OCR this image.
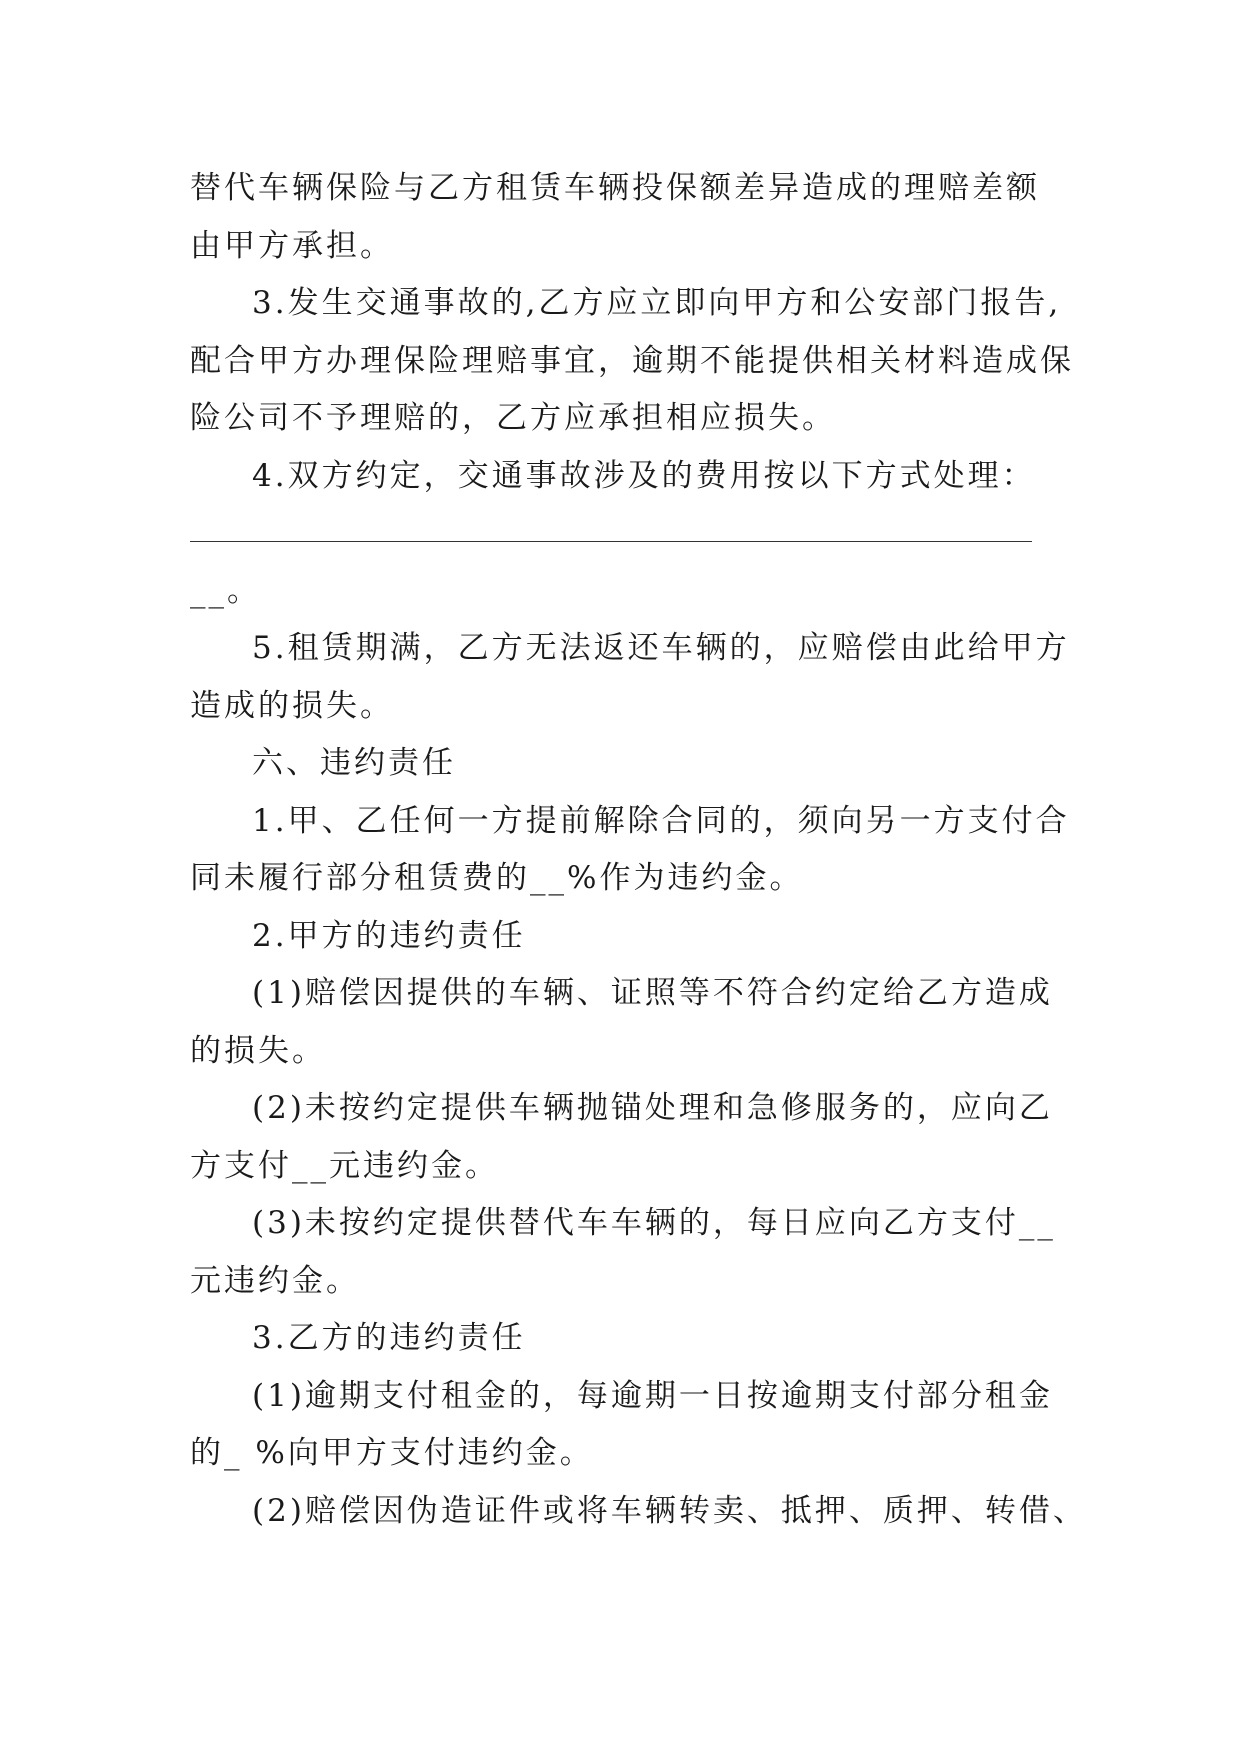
替代车辆保险与乙方租赁车辆投保额差异造成的理赔差额
由甲方承担。
3.发生交通事故的,乙方应立即向甲方和公安部门报告,
配合甲方办理保险理赔事宜，逾期不能提供相关材料造成保
险公司不予理赔的，乙方应承担相应损失。
4.双方约定，交通事故涉及的费用按以下方式处理：
__。
5.租赁期满，乙方无法返还车辆的，应赔偿由此给甲方
造成的损失。
六、违约责任
1.甲、乙任何一方提前解除合同的，须向另一方支付合
同未履行部分租赁费的__%作为违约金。
2.甲方的违约责任
(1)赔偿因提供的车辆、证照等不符合约定给乙方造成
的损失。
(2)未按约定提供车辆抛锚处理和急修服务的，应向乙
方支付__元违约金。
(3)未按约定提供替代车车辆的，每日应向乙方支付__
元违约金。
3.乙方的违约责任
(1)逾期支付租金的，每逾期一日按逾期支付部分租金
的_ %向甲方支付违约金。
(2)赔偿因伪造证件或将车辆转卖、抵押、质押、转借、
